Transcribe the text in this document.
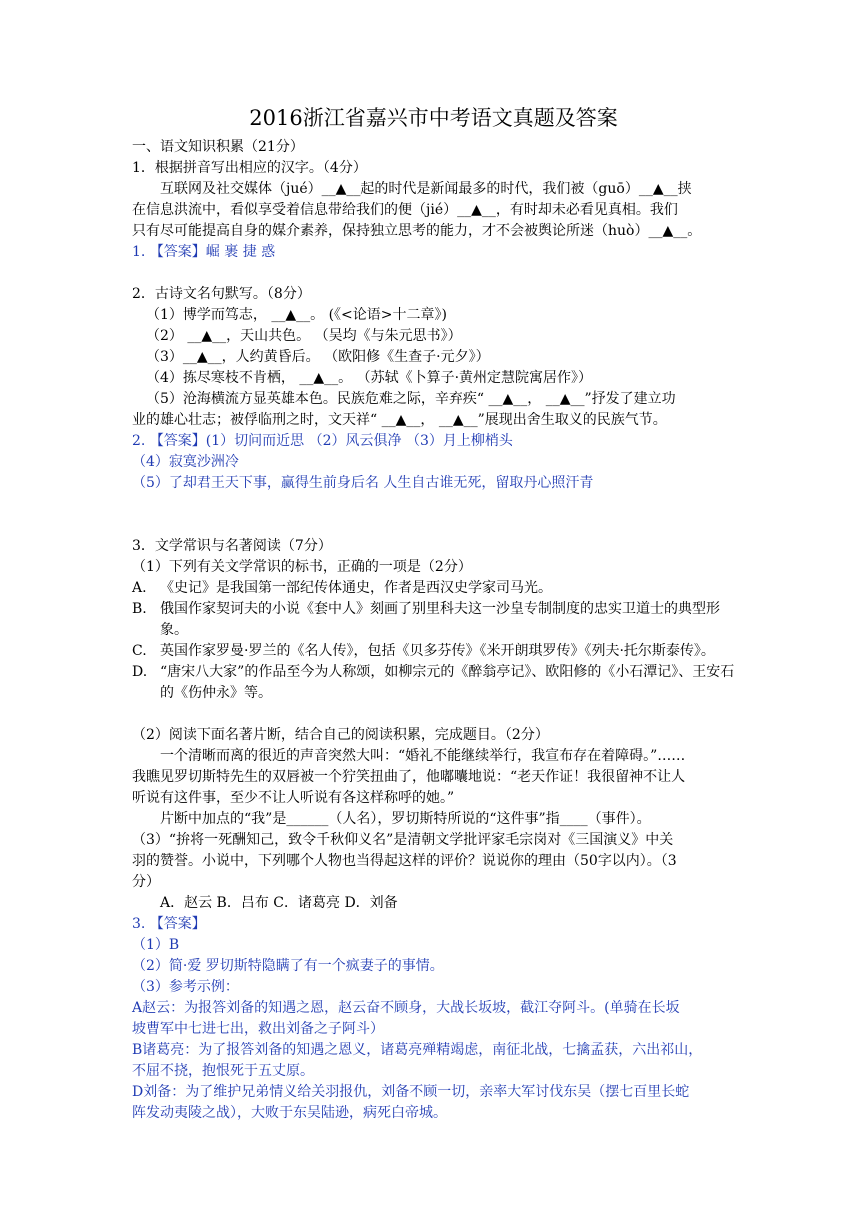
2016浙江省嘉兴市中考语文真题及答案
一、语文知识积累（21分）
1．根据拼音写出相应的汉字。（4分）
互联网及社交媒体（jué）__▲__起的时代是新闻最多的时代，我们被（guō）__▲__挟
在信息洪流中，看似享受着信息带给我们的便（jié）__▲__，有时却未必看见真相。我们
只有尽可能提高自身的媒介素养，保持独立思考的能力，才不会被舆论所迷（huò）__▲__。
1. 【答案】崛 裹 捷 惑
2．古诗文名句默写。（8分）
（1）博学而笃志， __▲__。 (《<论语>十二章》)
（2） __▲__，天山共色。 （吴均《与朱元思书》）
（3）__▲__，人约黄昏后。 （欧阳修《生查子·元夕》）
（4）拣尽寒枝不肯栖， __▲__。 （苏轼《卜算子·黄州定慧院寓居作》）
（5）沧海横流方显英雄本色。民族危难之际，辛弃疾“ __▲__， __▲__”抒发了建立功
业的雄心壮志；被俘临刑之时，文天祥“ __▲__， __▲__”展现出舍生取义的民族气节。
2. 【答案】(1）切问而近思 （2）风云俱净 （3）月上柳梢头
（4）寂寞沙洲冷
（5）了却君王天下事，赢得生前身后名 人生自古谁无死，留取丹心照汗青
3．文学常识与名著阅读（7分）
（1）下列有关文学常识的标书，正确的一项是（2分）
A. 《史记》是我国第一部纪传体通史，作者是西汉史学家司马光。
B. 俄国作家契诃夫的小说《套中人》刻画了别里科夫这一沙皇专制制度的忠实卫道士的典型形象。
C. 英国作家罗曼·罗兰的《名人传》，包括《贝多芬传》《米开朗琪罗传》《列夫·托尔斯泰传》。
D. “唐宋八大家”的作品至今为人称颂，如柳宗元的《醉翁亭记》、欧阳修的《小石潭记》、王安石的《伤仲永》等。
（2）阅读下面名著片断，结合自己的阅读积累，完成题目。（2分）
一个清晰而离的很近的声音突然大叫：“婚礼不能继续举行，我宣布存在着障碍。”……
我瞧见罗切斯特先生的双唇被一个狞笑扭曲了，他嘟囔地说：“老天作证！我很留神不让人
听说有这件事，至少不让人听说有各这样称呼的她。”
片断中加点的“我”是______（人名），罗切斯特所说的“这件事”指____（事件）。
（3）“拚将一死酬知己，致令千秋仰义名”是清朝文学批评家毛宗岗对《三国演义》中关
羽的赞誉。小说中，下列哪个人物也当得起这样的评价？说说你的理由（50字以内）。（3
分）
A．赵云 B．吕布 C．诸葛亮 D．刘备
3. 【答案】
（1）B
（2）简·爱 罗切斯特隐瞒了有一个疯妻子的事情。
（3）参考示例：
A赵云：为报答刘备的知遇之恩，赵云奋不顾身，大战长坂坡，截江夺阿斗。(单骑在长坂
坡曹军中七进七出，救出刘备之子阿斗）
B诸葛亮：为了报答刘备的知遇之恩义，诸葛亮殚精竭虑，南征北战，七擒孟获，六出祁山，
不屈不挠，抱恨死于五丈原。
D刘备：为了维护兄弟情义给关羽报仇，刘备不顾一切，亲率大军讨伐东吴（摆七百里长蛇
阵发动夷陵之战），大败于东吴陆逊，病死白帝城。
